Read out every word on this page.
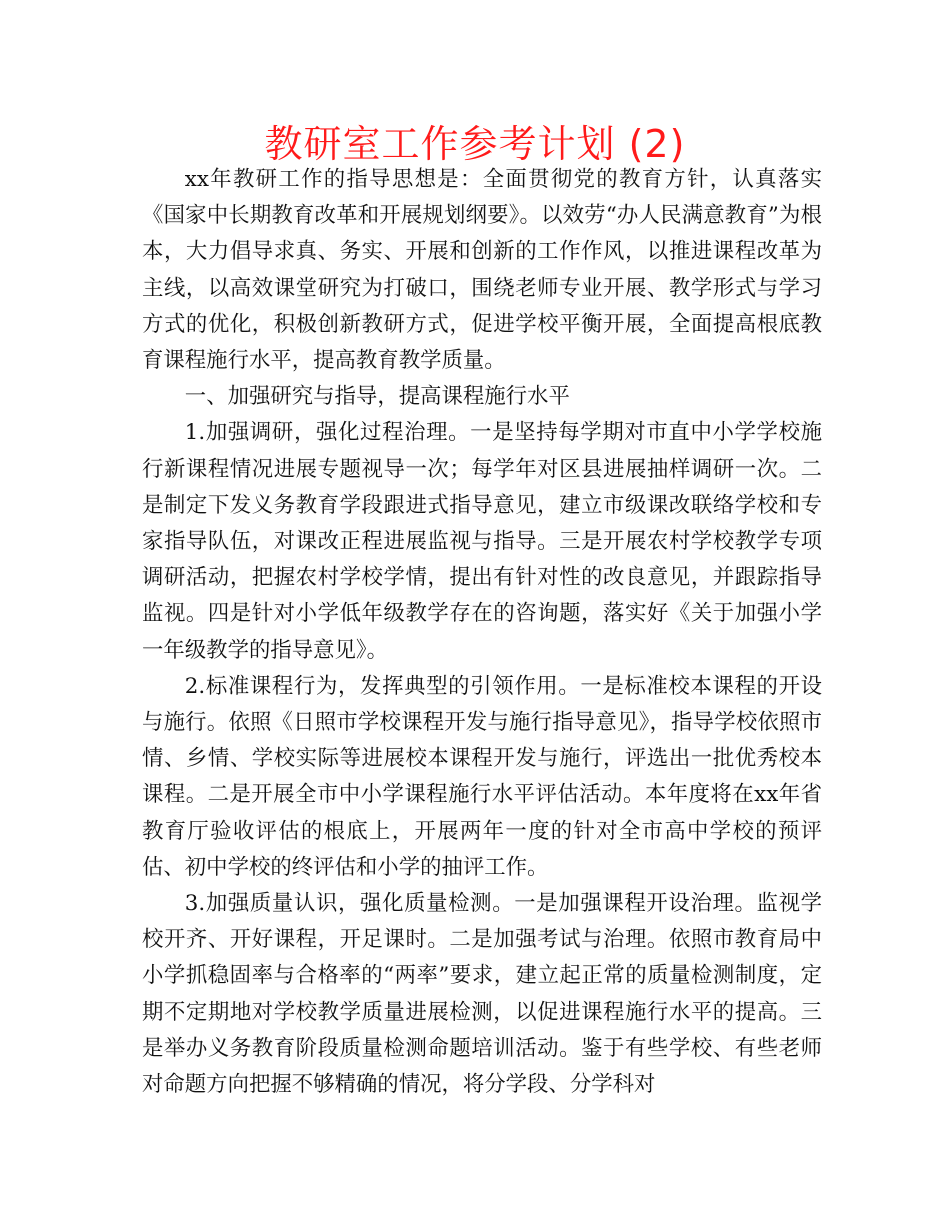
教研室工作参考计划 (2)

xx年教研工作的指导思想是：全面贯彻党的教育方针，认真落实《国家中长期教育改革和开展规划纲要》。以效劳“办人民满意教育”为根本，大力倡导求真、务实、开展和创新的工作作风，以推进课程改革为主线，以高效课堂研究为打破口，围绕老师专业开展、教学形式与学习方式的优化，积极创新教研方式，促进学校平衡开展，全面提高根底教育课程施行水平，提高教育教学质量。

一、加强研究与指导，提高课程施行水平

1.加强调研，强化过程治理。一是坚持每学期对市直中小学学校施行新课程情况进展专题视导一次；每学年对区县进展抽样调研一次。二是制定下发义务教育学段跟进式指导意见，建立市级课改联络学校和专家指导队伍，对课改正程进展监视与指导。三是开展农村学校教学专项调研活动，把握农村学校学情，提出有针对性的改良意见，并跟踪指导监视。四是针对小学低年级教学存在的咨询题，落实好《关于加强小学一年级教学的指导意见》。

2.标准课程行为，发挥典型的引领作用。一是标准校本课程的开设与施行。依照《日照市学校课程开发与施行指导意见》，指导学校依照市情、乡情、学校实际等进展校本课程开发与施行，评选出一批优秀校本课程。二是开展全市中小学课程施行水平评估活动。本年度将在xx年省教育厅验收评估的根底上，开展两年一度的针对全市高中学校的预评估、初中学校的终评估和小学的抽评工作。

3.加强质量认识，强化质量检测。一是加强课程开设治理。监视学校开齐、开好课程，开足课时。二是加强考试与治理。依照市教育局中小学抓稳固率与合格率的“两率”要求，建立起正常的质量检测制度，定期不定期地对学校教学质量进展检测，以促进课程施行水平的提高。三是举办义务教育阶段质量检测命题培训活动。鉴于有些学校、有些老师对命题方向把握不够精确的情况，将分学段、分学科对
